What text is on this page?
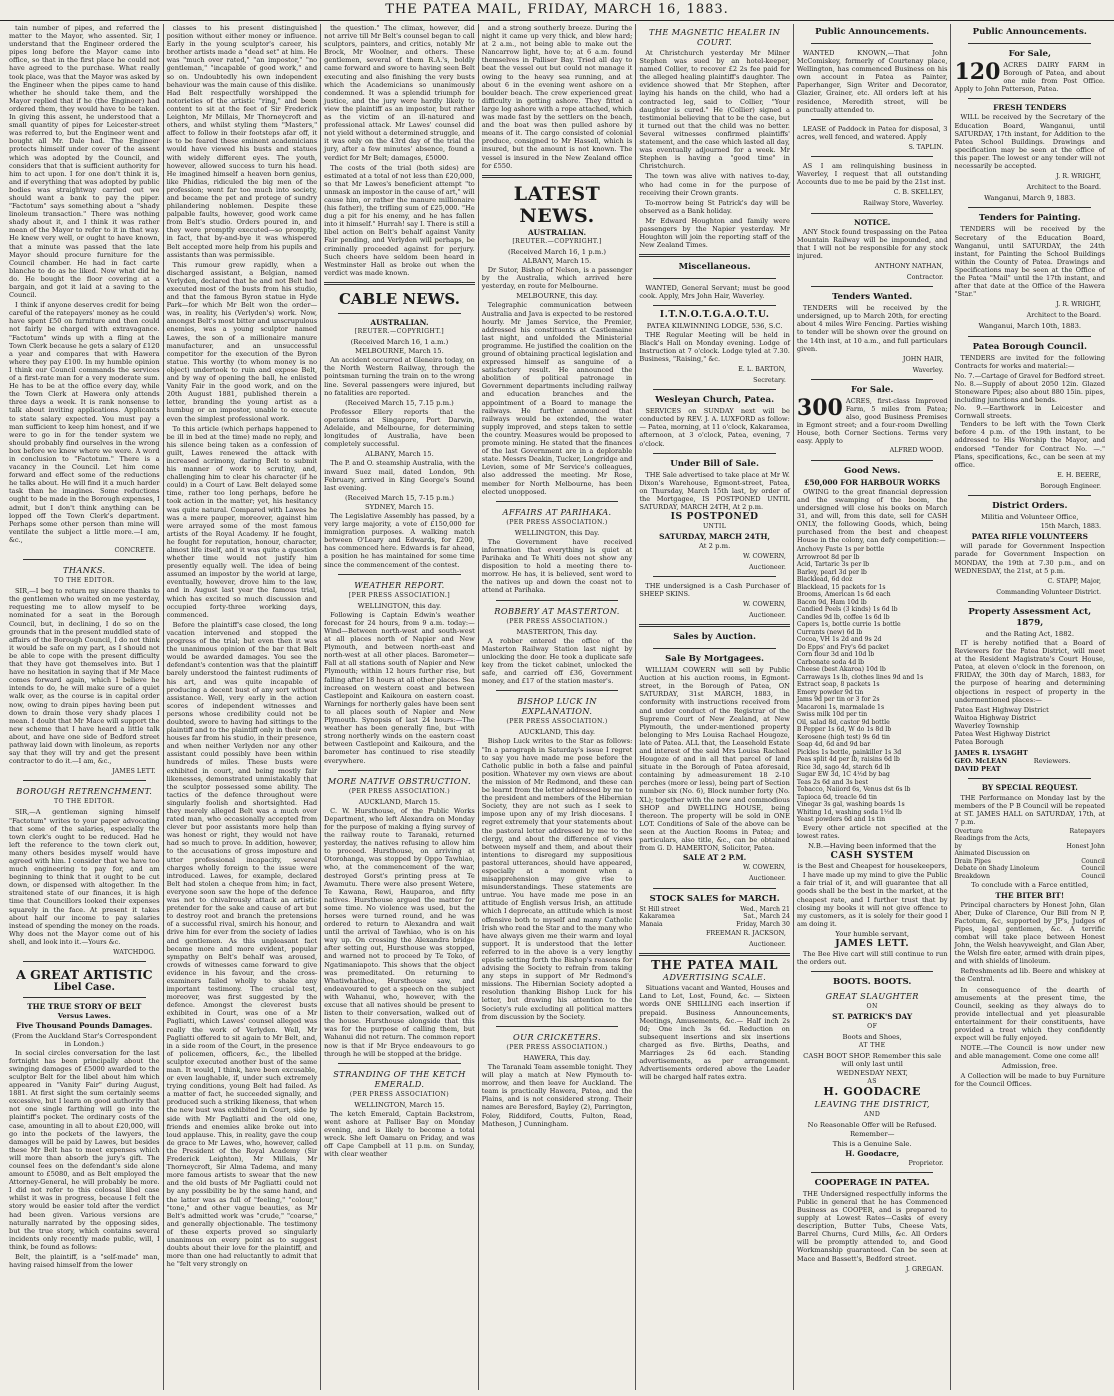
THE PATEA MAIL, FRIDAY, MARCH 16, 1883.

tain number of pipes, and referred the matter to the Mayor, who assented. Sir, I understand that the Engineer ordered the pipes long before the Mayor came into office, so that in the first place he could not have agreed to the purchase. What really took place, was that the Mayor was asked by the Engineer when the pipes came to hand whether he should take them, and the Mayor replied that if he (the Engineer) had ordered them, they would have to be taken. In giving this assent, he understood that a small quantity of pipes for Leicester-street was referred to, but the Engineer went and bought all Mr. Dale had. The Engineer protects himself under cover of the assent which was adopted by the Council, and considers that that is sufficient authority for him to act upon. I for one don't think it is, and if everything that was adopted by public bodies was straightway carried out we should want a bank to pay the piper. "Factotum" says something about a "shady linoleum transaction." There was nothing shady about it, and I think it was rather mean of the Mayor to refer to it in that way. He knew very well, or ought to have known, that a minute was passed that the late Mayor should procure furniture for the Council chamber. He had in fact carte blanche to do as he liked. Now what did he do. He bought the floor covering at a bargain, and got it laid at a saving to the Council.

I think if anyone deserves credit for being careful of the ratepayers' money as he could have spent £50 on furniture and then could not fairly be charged with extravagance. "Factotum" winds up with a fling at the Town Clerk because he gets a salary of £120 a year and compares that with Hawera where they pay £100. In my humble opinion I think our Council commands the services of a first-rate man for a very moderate sum. He has to be at the office every day, while the Town Clerk at Hawera only attends three days a week. It is rank nonsense to talk about inviting applications. Applicants to state salary expected. You must pay a man sufficient to keep him honest, and if we were to go in for the tender system we should probably find ourselves in the wrong box before we knew where we were. A word in conclusion to "Factotum." There is a vacancy in the Council. Let him come forward and effect some of the reductions he talks about. He will find it a much harder task than he imagines. Some reductions ought to be made in the Borough expenses, I admit, but I don't think anything can be lopped off the Town Clerk's department. Perhaps some other person than mine will ventilate the subject a little more.—I am, &c.,

CONCRETE.
THANKS.
TO THE EDITOR.

SIR,—I beg to return my sincere thanks to the gentlemen who waited on me yesterday, requesting me to allow myself to be nominated for a seat in the Borough Council, but, in declining, I do so on the grounds that in the present muddled state of affairs of the Borough Council, I do not think it would be safe on my part, as I should not be able to cope with the present difficulty that they have got themselves into. But I have no hesitation in saying that if Mr Mace comes forward again, which I believe he intends to do, he will make sure of a quiet walk over, as the course is in capital order now, owing to drain pipes having been put down to drain those very shady places I mean. I doubt that Mr Mace will support the new scheme that I have heard a little talk about, and have one side of Bedford street pathway laid down with linoleum, as reports say that they will try and get the present contractor to do it.—I am, &c.,

JAMES LETT.
BOROUGH RETRENCHMENT.
TO THE EDITOR.

SIR,—A gentleman signing himself "Factotum" writes to your paper advocating that some of the salaries, especially the town clerk's ought to be reduced. Had he left the reference to the town clerk out, many others besides myself would have agreed with him. I consider that we have too much engineering to pay for, and am beginning to think that it ought to be cut down, or dispensed with altogether. In the straitened state of our finances, it is high time that Councillors looked their expenses squarely in the face. At present it takes about half our income to pay salaries instead of spending the money on the roads. Why does not the Mayor come out of his shell, and look into it.—Yours &c.

WATCHDOG.
A GREAT ARTISTIC
Libel Case.
THE TRUE STORY OF BELT
Versus Lawes.
Five Thousand Pounds Damages.
(From the Auckland Star's Correspondent in London.)

In social circles conversation for the last fortnight has been principally about the swinging damages of £5000 awarded to the sculptor Belt for the libel about him which appeared in "Vanity Fair" during August, 1881. At first sight the sum certainly seems excessive, but I learn on good authority that not one single farthing will go into the plaintiff's pocket. The ordinary costs of the case, amounting in all to about £20,000, will go into the pockets of the lawyers, the damages will be paid by Lawes, but besides these Mr Belt has to meet expenses which will more than absorb the jury's gift. The counsel fees on the defendant's side alone amount to £5080, and as Belt employed the Attorney-General, he will probably be more. I did not refer to this colossal libel case whilst it was in progress, because I felt the story would be easier told after the verdict had been given. Various versions are naturally narrated by the opposing sides, but the true story, which contains several incidents only recently made public, will, I think, be found as follows:

Belt, the plaintiff, is a "self-made" man, having raised himself from the lower

classes to his present distinguished position without either money or influence. Early in the young sculptor's career, his brother artists made a "dead set" at him. He was "much over rated," "an impostor," "no gentleman," "incapable of good work," and so on. Undoubtedly his own independent behaviour was the main cause of this dislike. Had Belt respectfully worshipped the notorieties of the artistic "ring," and been content to sit at the feet of Sir Frederick Leighton, Mr Millais, Mr Thorneycroft and others, and whilst styling them "Masters," affect to follow in their footsteps afar off, it is to be feared these eminent academicians would have viewed his busts and statues with widely different eyes. The youth, however, allowed success to turn his head. He imagined himself a heaven born genius, like Phidias, ridiculed the big men of the profession; went far too much into society, and became the pet and protege of sundry philandering noblemen. Despite these palpable faults, however, good work came from Belt's studio. Orders poured in, and they were promptly executed—so promptly, in fact, that by-and-bye it was whispered Belt accepted more help from his pupils and assistants than was permissible.

This rumour grew rapidly, when a discharged assistant, a Belgian, named Verlyden, declared that he and not Belt had executed most of the busts from his studio, and that the famous Byron statue in Hyde Park—for which Mr Belt won the order—was, in reality, his (Verlyden's) work. Now, amongst Belt's most bitter and unscrupulous enemies, was a young sculptor named Lawes, the son of a millionaire manure manufacturer, and an unsuccessful competitor for the execution of the Byron statue. This worthy (to whom money is no object) undertook to ruin and expose Belt, and by way of opening the ball, he enlisted Vanity Fair in the good work, and on the 20th August 1881, published therein a letter, branding the young artist as a humbug or an impostor, unable to execute even the simplest professional work.

To this article (which perhaps happened to be ill in bed at the time) made no reply, and his silence being taken as a confession of guilt, Lawes renewed the attack with increased acrimony, daring Belt to submit his manner of work to scrutiny, and, challenging him to clear his character (if he could) in a Court of Law. Belt delayed some time, rather too long perhaps, before he took action in the matter; yet, his hesitancy was quite natural. Compared with Lawes he was a mere pauper, moreover, against him were arrayed some of the most famous artists of the Royal Academy. If he fought, he fought for reputation, honour, character, almost life itself, and it was quite a question whether time would not justify him presently equally well. The idea of being assumed an impostor by the world at large, eventually, however, drove him to the law, and in August last year the famous trial, which has excited so much discussion and occupied forty-three working days, commenced.

Before the plaintiff's case closed, the long vacation intervened and stopped the progress of the trial; but even then it was the unanimous opinion of the bar that Belt would be awarded damages. You see the defendant's contention was that the plaintiff barely understood the faintest rudiments of his art, and was quite incapable of producing a decent bust of any sort without assistance. Well, very early in the action scores of independent witnesses and persons whose credibility could not be doubted, swore to having had sittings to the plaintiff and to the plaintiff only in their own houses far from his studio, in their presence, and when neither Verlyden nor any other assistant could possibly have been within hundreds of miles. These busts were exhibited in court, and being mostly fair likenesses, demonstrated unmistakably that the sculptor possessed some ability. The tactics of the defence throughout were singularly foolish and shortsighted. Had they merely alleged Belt was a much over rated man, who occasionally accepted from clever but poor assistants more help than was honest or right, they would not have had so much to prove. In addition, however, to the accusations of gross imposture and utter professional incapacity, several charges wholly foreign to the issue were introduced. Lawes, for example, declared Belt had stolen a cheque from him; in fact, everyone soon saw the hope of the defence was not to chivalrously attack an artistic pretender for the sake and cause of art but to destroy root and branch the pretensions of a successful rival, smirch his honour, and drive him for ever from the society of ladies and gentlemen. As this unpleasant fact became more and more evident, popular sympathy on Belt's behalf was aroused, crowds of witnesses came forward to give evidence in his favour, and the cross-examiners failed wholly to shake any important testimony. The crucial test, moreover, was first suggested by the defence. Amongst the cleverest busts exhibited in Court, was one of a Mr Pagliatti, which Lawes' counsel alleged was really the work of Verlyden. Well, Mr Pagliatti offered to sit again to Mr Belt, and, in a side room of the Court, in the presence of policemen, officers, &c., the libelled sculptor executed another bust of the same man. It would, I think, have been excusable, or even laughable, if, under such extremely trying conditions, young Belt had failed. As a matter of fact, he succeeded signally, and produced such a striking likeness, that when the new bust was exhibited in Court, side by side with Mr Pagliatti and the old one, friends and enemies alike broke out into loud applause. This, in reality, gave the coup de grace to Mr Lawes, who, however, called the President of the Royal Academy (Sir Frederick Leighton), Mr Millais, Mr Thorneycroft, Sir Alma Tadema, and many more famous artists to swear that the new and the old busts of Mr Pagliatti could not by any possibility be by the same hand, and the latter was as full of "feeling," "colour," "tone," and other vague beauties, as Mr Belt's admitted work was "crude," "coarse," and generally objectionable. The testimony of these experts proved so singularly unanimous on every point as to suggest doubts about their love for the plaintiff, and more than one had reluctantly to admit that he "felt very strongly on

the question." The climax, however, did not arrive till Mr Belt's counsel began to call sculptors, painters, and critics, notably Mr Brock, Mr Woolner, and others. These gentlemen, several of them R.A.'s, boldly came forward and swore to having seen Belt executing and also finishing the very busts which the Academicians so unanimously condemned. It was a splendid triumph for justice, and the jury were hardly likely to view the plaintiff as an impostor, but rather as the victim of an ill-natured and professional attack. Mr Lawes' counsel did not yield without a determined struggle, and it was only on the 43rd day of the trial the jury, after a few minutes' absence, found a verdict for Mr Belt; damages, £5000.

The costs of the trial (both sides) are estimated at a total of not less than £20,000, so that Mr Lawes's beneficient attempt "to unmask an impostor in the cause of art," will cause him, or rather the manure millionaire (his father), the trifling sum of £25,000. "He dug a pit for his enemy, and he has fallen into it himself." Hurrah! say I. There is still a libel action on Belt's behalf against Vanity Fair pending, and Verlyden will perhaps, be criminally proceeded against for perjury. Such cheers have seldom been heard in Westminster Hall as broke out when the verdict was made known.

CABLE NEWS.
AUSTRALIAN.
[REUTER.—COPYRIGHT.]
(Received March 16, 1 a.m.)
MELBOURNE, March 15.

An accident occurred at Gleneira today, on the North Western Railway, through the pointsman turning the train on to the wrong line. Several passengers were injured, but no fatalities are reported.

(Received March 15, 7.15 p.m.)

Professor Ellery reports that the operations at Singapore, Port Darwin, Adelaide, and Melbourne, for determining longitudes of Australia, have been completely successful.

ALBANY, March 15.

The P. and O. steamship Australia, with the inward Suez mail, dated London, 9th February, arrived in King George's Sound last evening.

(Received March 15, 7-15 p.m.)
SYDNEY, March 15.

The Legislative Assembly has passed, by a very large majority, a vote of £150,000 for immigration purposes. A walking match between O'Leary and Edwards, for £200, has commenced here. Edwards is far ahead, a position he has maintained for some time since the commencement of the contest.

WEATHER REPORT.
[PER PRESS ASSOCIATION.]
WELLINGTON, this day.

Following is Captain Edwin's weather forecast for 24 hours, from 9 a.m. today:—Wind—Between north-west and south-west at all places north of Napier and New Plymouth, and between north-east and north-west at all other places. Barometer—Fall at all stations south of Napier and New Plymouth; within 12 hours further rise, but falling after 18 hours at all other places. Sea increased on western coast and between Castlepoint and Kaikoura on eastern coast. Warnings for northerly gales have been sent to all places south of Napier and New Plymouth. Synopsis of last 24 hours:—The weather has been generally fine, but with strong northerly winds on the eastern coast between Castlepoint and Kaikoura, and the barometer has continued to rise steadily everywhere.

MORE NATIVE OBSTRUCTION.
(PER PRESS ASSOCIATION.)
AUCKLAND, March 15.

C. W. Hursthouse, of the Public Works Department, who left Alexandra on Monday for the purpose of making a flying survey of the railway route to Taranaki, returned yesterday, the natives refusing to allow him to proceed. Hursthouse, on arriving at Otorohanga, was stopped by Oppo Tawhiao, who, at the commencement of the war, destroyed Gorst's printing press at Te Awamutu. There were also present Wetere, Te Kawana, Rewi, Hauparoa, and fifty natives. Hursthouse argued the matter for some time. No violence was used, but the horses were turned round, and he was ordered to return to Alexandra and wait until the arrival of Tawhiao, who is on his way up. On crossing the Alexandra bridge after setting out, Hursthouse was stopped, and warned not to proceed by Te Toko, of Ngatimaniapoto. This shows that the object was premeditated. On returning to Whatiwhatihoe, Hursthouse saw, and endeavoured to get a speech on the subject with Wahanui, who, however, with the excuse that all natives should be present to listen to their conversation, walked out of the house. Hursthouse alongside that this was for the purpose of calling them, but Wahanui did not return. The common report now is that if Mr Bryce endeavours to go through he will be stopped at the bridge.

STRANDING OF THE KETCH EMERALD.
(PER PRESS ASSOCIATION)
WELLINGTON, March 15.

The ketch Emerald, Captain Backstrom, went ashore at Palliser Bay on Monday evening, and is likely to become a total wreck. She left Oamaru on Friday, and was off Cape Campbell at 11 p.m. on Sunday, with clear weather

and a strong southerly breeze. During the night it came up very thick, and blew hard; at 2 a.m., not being able to make out the Nancarrow light, hove to; at 6 a.m. found themselves in Palliser Bay. Tried all day to beat the vessel out but could not manage it owing to the heavy sea running, and at about 6 in the evening went ashore on a boulder beach. The crew experienced great difficulty in getting ashore. They fitted a large log ashore with a rope attached, which was made fast by the settlers on the beach, and the boat was then pulled ashore by means of it. The cargo consisted of colonial produce, consigned to Mr Hassell, which is insured, but the amount is not known. The vessel is insured in the New Zealand office for £550.

LATEST NEWS.
AUSTRALIAN.
[REUTER.—COPYRIGHT.]
(Received March 16, 1 p.m.)
ALBANY, March 15.

Dr Sutor, Bishop of Nelson, is a passenger by the Australia, which arrived here yesterday, en route for Melbourne.

MELBOURNE, this day.

Telegraphic communication between Australia and Java is expected to be restored hourly. Mr James Service, the Premier, addressed his constituents at Castlemaine last night, and unfolded the Ministerial programme. He justified the coalition on the ground of obtaining practical legislation and expressed himself as sanguine of a satisfactory result. He announced the abolition of political patronage in Government departments including railway and education branches and the appointment of a Board to manage the railways. He further announced that railways would be extended, the water supply improved, and steps taken to settle the country. Measures would be proposed to promote mining. He stated that the finances of the last Government are in a deplorable state. Messrs Deakin, Tucker, Longridge and Levien, some of Mr Service's colleagues, also addressed the meeting. Mr Rose, member for North Melbourne, has been elected unopposed.

AFFAIRS AT PARIHAKA.
(PER PRESS ASSOCIATION.)
WELLINGTON, this Day.

The Government have received information that everything is quiet at Parihaka and Te Whiti does not show any disposition to hold a meeting there to-morrow. He has, it is believed, sent word to the natives up and down the coast not to attend at Parihaka.

ROBBERY AT MASTERTON.
(PER PRESS ASSOCIATION.)
MASTERTON, This day.

A robber entered the office of the Masterton Railway Station last night by unlocking the door. He took a duplicate safe key from the ticket cabinet, unlocked the safe, and carried off £36, Government money, and £17 of the station master's.

BISHOP LUCK IN EXPLANATION.
(PER PRESS ASSOCIATION.)
AUCKLAND, This day.

Bishop Luck writes to the Star as follows: "In a paragraph in Saturday's issue I regret to say you have made me pose before the Catholic public in both a false and painful position. Whatever my own views are about the mission of Mr Redmond, and these can be learnt from the letter addressed by me to the president and members of the Hibernian Society, they are not such as I seek to impose upon any of my Irish diocesans. I regret extremely that your statements about the pastoral letter addressed by me to the clergy, and about the difference of views between myself and them, and about their intentions to disregard my suppositious pastoral utterances, should have appeared, especially at a moment when a misapprehension may give rise to misunderstandings. These statements are untrue. You have made me pose in an attitude of English versus Irish, an attitude which I deprecate, an attitude which is most offensive both to myself and many Catholic Irish who read the Star and to the many who have always given me their warm and loyal support. It is understood that the letter referred to in the above is a very lengthy epistle setting forth the Bishop's reasons for advising the Society to refrain from taking any steps in support of Mr Redmond's missions. The Hibernian Society adopted a resolution thanking Bishop Luck for his letter, but drawing his attention to the Society's rule excluding all political matters from discussion by the Society.

OUR CRICKETERS.
(PER PRESS ASSOCIATION.)
HAWERA, This day.

The Taranaki Team assemble tonight. They will play a match at New Plymouth to-morrow, and then leave for Auckland. The team is practically Hawera, Patea, and the Plains, and is not considered strong. Their names are Beresford, Bayley (2), Parrington, Foley, Riddiford, Coutts, Fulton, Read, Matheson, J Cunningham.

THE MAGNETIC HEALER IN COURT.

At Christchurch yesterday Mr Milner Stephen was sued by an hotel-keeper, named Collier, to recover £2 2s fee paid for the alleged healing plaintiff's daughter. The evidence showed that Mr Stephen, after laying his hands on the child, who had a contracted leg, said to Collier, "Your daughter is cured." He (Collier) signed a testimonial believing that to be the case, but it turned out that the child was no better. Several witnesses confirmed plaintiffs' statement, and the case which lasted all day, was eventually adjourned for a week. Mr Stephen is having a "good time" in Christchurch.

The town was alive with natives to-day, who had come in for the purpose of receiving their Crown grants.

To-morrow being St Patrick's day will be observed as a Bank holiday.

Mr Edward Houghton and family were passengers by the Napier yesterday. Mr Houghton will join the reporting staff of the New Zealand Times.

Miscellaneous.

WANTED, General Servant; must be good cook. Apply, Mrs John Hair, Waverley.

I.T.N.O.T.G.A.O.T.U.
PATEA KILWINNING LODGE, 536, S.C.

THE Regular Meeting will be held in Black's Hall on Monday evening. Lodge of Instruction at 7 o'clock. Lodge tyled at 7.30. Business, "Raising," &c.

E. L. BARTON,
Secretary.
Wesleyan Church, Patea.

SERVICES on SUNDAY next will be conducted by REV. J. A. LUXFORD as follow:— Patea, morning, at 11 o'clock, Kakaramea, afternoon, at 3 o'clock, Patea, evening, 7 o'clock.

Under Bill of Sale.

THE Sale advertised to take place at Mr W. Dixon's Warehouse, Egmont-street, Patea, on Thursday, March 15th last, by order of the Mortgagee, IS POSTPONED UNTIL SATURDAY, MARCH 24TH, At 2 p.m.

IS POSTPONED
UNTIL
SATURDAY, MARCH 24TH,
At 2 p.m.
W. COWERN,
Auctioneer.

THE undersigned is a Cash Purchaser of SHEEP SKINS.

W. COWERN,
Auctioneer.
Sales by Auction.
Sale By Mortgagees.

WILLIAM COWERN will sell by Public Auction at his auction rooms, in Egmont-street, in the Borough of Patea, ON SATURDAY, 31st MARCH, 1883, in conformity with instructions received from and under conduct of the Registrar of the Supreme Court of New Zealand, at New Plymouth, the under-mentioned property belonging to Mrs Louisa Rachael Hougoze, late of Patea. ALL that, the Leasehold Estate and interest of the said Mrs Louisa Rachael Hougoze of and in all that parcel of land situate in the Borough of Patea aforesaid, containing by admeasurement 18 2-10 perches (more or less), being part of Section number six (No. 6), Block number forty (No. XL); together with the new and commodious SHOP and DWELLING HOUSE, being thereon. The property will be sold in ONE LOT. Conditions of Sale of the above can be seen at the Auction Rooms in Patea; and particulars, also title, &c., can be obtained from G. D. HAMERTON, Solicitor, Patea.

SALE AT 2 P.M.
W. COWERN,
Auctioneer.
STOCK SALES for MARCH.
St Hill street	Wed., March 21
Kakaramea	Sat., March 24
Manaia	Friday, March 30
FREEMAN R. JACKSON,
Auctioneer.
THE PATEA MAIL
ADVERTISING SCALE.

Situations vacant and Wanted, Houses and Land to Let, Lost, Found, &c. — Sixteen words ONE SHILLING each insertion if prepaid. Business Announcements, Meetings, Amusements, &c.— Half inch 2s 0d; One inch 3s 6d. Reduction on subsequent insertions and six insertions charged as five. Births, Deaths, and Marriages 2s 6d each. Standing advertisements, as per arrangement. Advertisements ordered above the Leader will be charged half rates extra.

Public Announcements.

WANTED KNOWN,—That John McComiskey, formerly of Courtenay place, Wellington, has commenced Business on his own account in Patea as Painter, Paperhanger, Sign Writer and Decorator, Glazier, Grainer, etc. All orders left at his residence, Meredith street, will be punctually attended to.

LEASE of Paddock in Patea for disposal, 3 acres, well fenced, and watered. Apply

S. TAPLIN.

AS I am relinquishing business in Waverley, I request that all outstanding Accounts due to me be paid by the 21st inst.

C. B. SKELLEY,
Railway Store, Waverley.
NOTICE.

ANY Stock found trespassing on the Patea Mountain Railway will be impounded, and that I will not be responsible for any stock injured.

ANTHONY NATHAN,
Contractor.
Tenders Wanted.

TENDERS will be received by the undersigned, up to March 20th, for erecting about 4 miles Wire Fencing. Parties wishing to tender will be shown over the ground on the 14th inst, at 10 a.m., and full particulars given.

JOHN HAIR,
Waverley.
For Sale.
300 ACRES, first-class Improved Farm, 5 miles from Patea; also, good Business Premises in Egmont street; and a four-room Dwelling House, both Corner Sections. Terms very easy. Apply to
ALFRED WOOD.
Good News.
£50,000 FOR HARBOUR WORKS

OWING to the great financial depression and the swamping of the boom, the undersigned will close his books on March 31, and will, from this date, sell for CASH ONLY, the following Goods, which, being purchased from the best and cheapest House in the colony, can defy competition:—

Anchovy Paste 1s per bottle
Arrowroot 8d per lb
Acid, Tartaric 3s per lb
Barley, pearl 3d per lb
Blacklead, 6d doz
Blacklead, 15 packets for 1s
Brooms, American 1s 6d each
Bacon 9d, Ham 10d lb
Candied Peels (3 kinds) 1s 6d lb
Candles 9d lb, coffee 1s 6d lb
Capers 1s, bottle currie 1s bottle
Currants (new) 6d lb
Cocoa, VH 1s 2d and 9s 2d
Do Epps' and Fry's 6d packet
Corn flour 3d and 10d lb
Carbonate soda 4d lb
Cheese (best Akaroa) 10d lb
Carraways 1s lb, clothes lines 9d and 1s
Extract soap, 8 packets 1s
Emery powder 9d tin
Jams 9d per tin or 3 for 2s
Macaroni 1s, marmalade 1s
Swiss milk 10d per tin
Oil, salad 8d, castor 9d bottle
B Pepper 1s 6d, W do 1s 8d lb
Kerosene (high test) 9s 6d tin
Soap 4d, 6d and 9d bar
Pickles 1s bottle, painkiller 1s 3d
Peas split 4d per lb, raisins 6d lb
Rice 3d, sago 4d, starch 6d lb
Sugar EW 3d, 1C 4½d by bag
Teas 2s 6d and 3s best
Tobacco, Naiiord 6s, Venus dst 6s lb
Tapioca 6d, treacle 6d tin
Vinegar 3s gal, washing boards 1s
Whiting 1d, washing soda 1½d lb
Yeast powders 6d and 1s tin

Every other article not specified at the lowest rates.

N.B.—Having been informed that the
CASH SYSTEM
is the Best and Cheapest for housekeepers,

I have made up my mind to give the Public a fair trial of it, and will guarantee that all goods shall be the best in the market, at the cheapest rate, and I further trust that by closing my books it will not give offence to my customers, as it is solely for their good I am doing it.

Your humble servant,
JAMES LETT.

The Bee Hive cart will still continue to run the orders out.

BOOTS. BOOTS.
GREAT SLAUGHTER
ON
ST. PATRICK'S DAY
OF
Boots and Shoes,
AT THE
CASH BOOT SHOP. Remember this sale will only last until
WEDNESDAY NEXT,
AS
H. GOODACRE
LEAVING THE DISTRICT,
AND
No Reasonable Offer will be Refused.
Remember—
This is a Genuine Sale.
H. Goodacre,
Proprietor.
COOPERAGE IN PATEA.

THE Undersigned respectfully informs the Public in general that he has Commenced Business as COOPER, and is prepared to supply at Lowest Rates—Casks of every description, Butter Tubs, Cheese Vats, Barrel Churns, Curd Mills, &c. All Orders will be promptly attended to, and Good Workmanship guaranteed. Can be seen at Mace and Bassett's, Bedford street.

J. GREGAN.
Public Announcements.
For Sale,
120 ACRES DAIRY FARM in Borough of Patea, and about one mile from Post Office. Apply to John Patterson, Patea.
FRESH TENDERS

WILL be received by the Secretary of the Education Board, Wanganui, until SATURDAY, 17th instant, for Addition to the Patea School Buildings. Drawings and specification may be seen at the office of this paper. The lowest or any tender will not necessarily be accepted.

J. R. WRIGHT,
Architect to the Board.
Wanganui, March 9, 1883.
Tenders for Painting.

TENDERS will be received by the Secretary of the Education Board, Wanganui, until SATURDAY, the 24th instant, for Painting the School Buildings within the County of Patea. Drawings and Specifications may be seen at the Office of the Patea "Mail" until the 17th instant, and after that date at the Office of the Hawera "Star."

J. R. WRIGHT,
Architect to the Board.
Wanganui, March 10th, 1883.
Patea Borough Council.

TENDERS are invited for the following Contracts for works and material:—

No. 7.—Cartage of Gravel for Bedford street.
No. 8.—Supply of about 2050 12in. Glazed Stoneware Pipes; also about 880 15in. pipes, including junctions and bends.
No. 9.—Earthwork in Leicester and Cornwall streets.

Tenders to be left with the Town Clerk before 4 p.m. of the 19th instant, to be addressed to His Worship the Mayor, and endorsed "Tender for Contract No. —." Plans, specifications, &c., can be seen at my office.

E. H. BEERE,
Borough Engineer.
District Orders.
Militia and Volunteer Office,
15th March, 1883.
PATEA RIFLE VOLUNTEERS

will parade for Government Inspection parade for Government Inspection on MONDAY, the 19th at 7.30 p.m., and on WEDNESDAY, the 21st, at 5 p.m.

C. STAPP, Major,
Commanding Volunteer District.
Property Assessment Act, 1879,
and the Rating Act, 1882.

IT is hereby notified that a Board of Reviewers for the Patea District, will meet at the Resident Magistrate's Court House, Patea, at eleven o'clock in the forenoon, on FRIDAY, the 30th day of March, 1883, for the purpose of hearing and determining objections in respect of property in the undermentioned places:—

Patea East Highway District
Waitoa Highway District
Waverley Township
Patea West Highway District
Patea Borough
JAMES R. LYSAGHT
GEO. McLEAN
DAVID PEAT
Reviewers.
BY SPECIAL REQUEST.

THE Performance on Monday last by the members of the P B Council will be repeated at ST. JAMES HALL on SATURDAY, 17th, at 7 p.m.

Overture	Ratepayers
Readings from the Acts,
by	Honest John
Animated Discussion on
Drain Pipes	Council
Debate on Shady Linoleum	Council
Breakdown	Council
To conclude with a Farce entitled,
THE BITER BIT!

Principal characters by Honest John, Glan Aber, Duke of Clarence, Our Bill from N P, Factotum, &c, supported by JP's, Judges of Pipes, legal gentlemen, &c. A terrific combat will take place between Honest John, the Welsh heavyweight, and Glan Aber, the Welsh fire eater, armed with drain pipes, and with shields of linoleum.

Refreshments ad lib. Beere and whiskey at the Central.

In consequence of the dearth of amusements at the present time, the Council, seeking as they always do to provide intellectual and yet pleasurable entertainment for their constituents, have provided a treat which they confidently expect will be fully enjoyed.

NOTE.—The Council is now under new and able management. Come one come all!

Admission, free.

A Collection will be made to buy Furniture for the Council Offices.
